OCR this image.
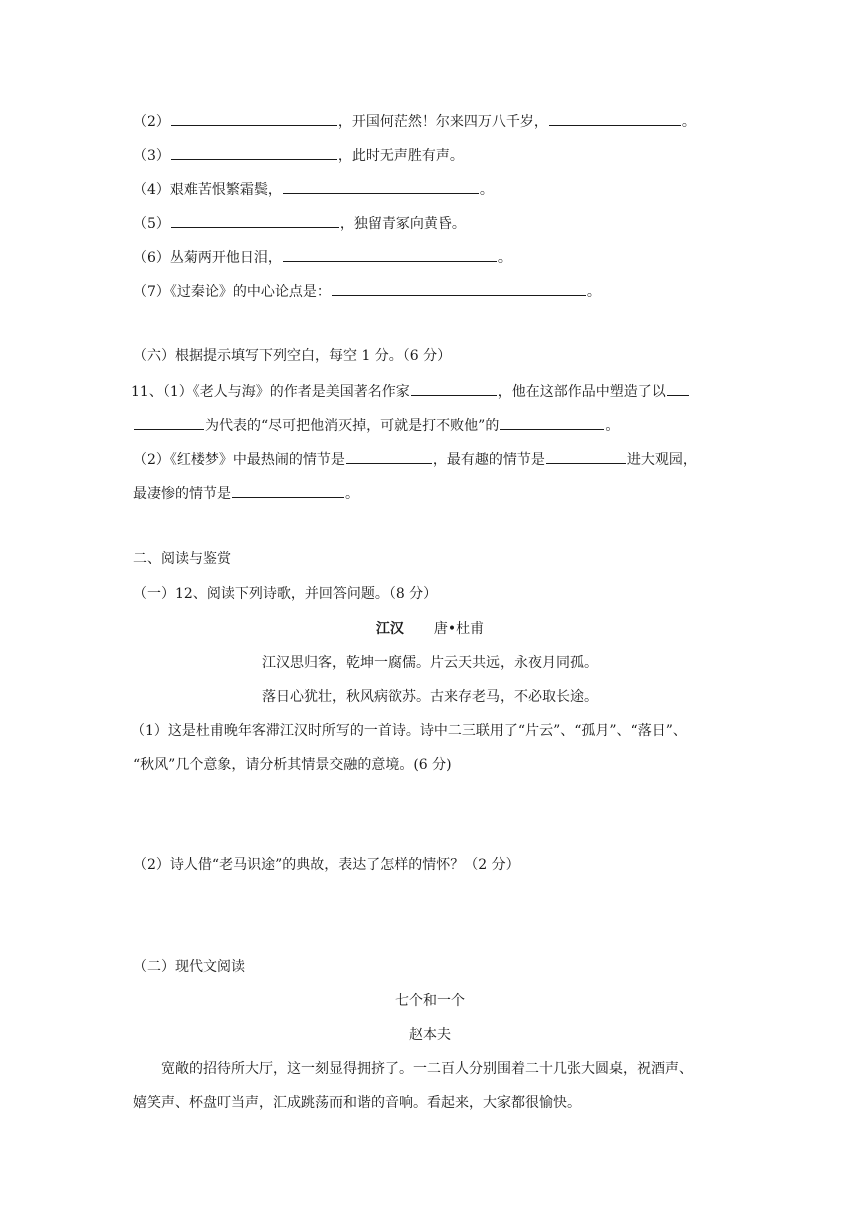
（2）	，开国何茫然！尔来四万八千岁，	。
（3）	，此时无声胜有声。
（4）艰难苦恨繁霜鬓，	。
（5）	，独留青冢向黄昏。
（6）丛菊两开他日泪，	。
（7）《过秦论》的中心论点是：	。
（六）根据提示填写下列空白，每空 1 分。（6 分）
11、（1）《老人与海》的作者是美国著名作家	，他在这部作品中塑造了以
为代表的“尽可把他消灭掉，可就是打不败他”的	。
（2）《红楼梦》中最热闹的情节是	，最有趣的情节是	进大观园，
最凄惨的情节是	。
二、阅读与鉴赏
（一）12、阅读下列诗歌，并回答问题。（8 分）
江汉 唐•杜甫
江汉思归客，乾坤一腐儒。片云天共远，永夜月同孤。
落日心犹壮，秋风病欲苏。古来存老马，不必取长途。
（1）这是杜甫晚年客滞江汉时所写的一首诗。诗中二三联用了“片云”、“孤月”、“落日”、
“秋风”几个意象，请分析其情景交融的意境。(6 分)
（2）诗人借“老马识途”的典故，表达了怎样的情怀？（2 分）
（二）现代文阅读
七个和一个
赵本夫
宽敞的招待所大厅，这一刻显得拥挤了。一二百人分别围着二十几张大圆桌，祝酒声、
嬉笑声、杯盘叮当声，汇成跳荡而和谐的音响。看起来，大家都很愉快。
